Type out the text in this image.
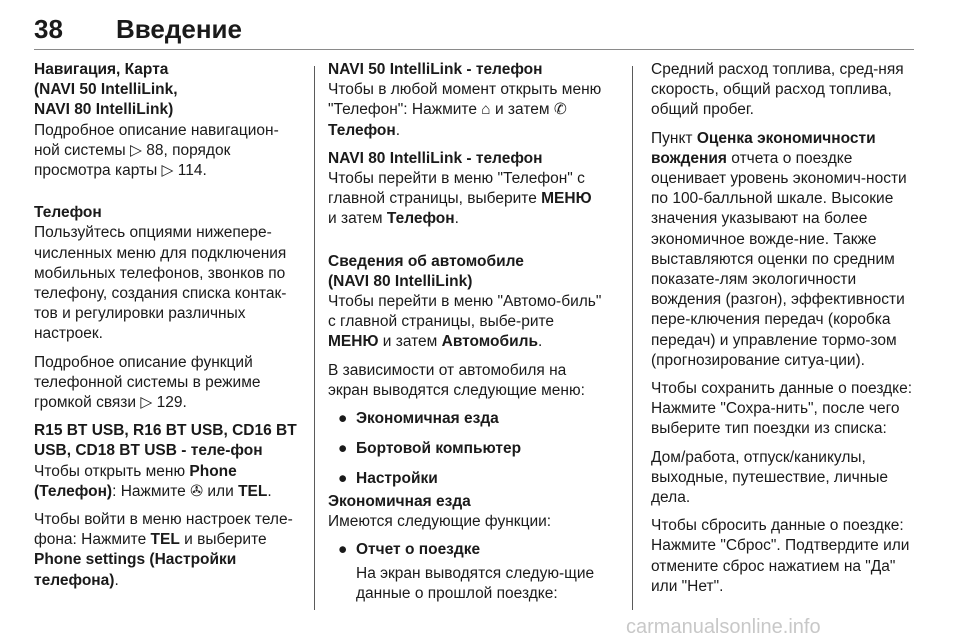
38 Введение
Навигация, Карта
(NAVI 50 IntelliLink,
NAVI 80 IntelliLink)

Подробное описание навигацион-ной системы ▷ 88, порядок просмотра карты ▷ 114.

Телефон

Пользуйтесь опциями нижепере-численных меню для подключения мобильных телефонов, звонков по телефону, создания списка контак-тов и регулировки различных настроек.

Подробное описание функций телефонной системы в режиме громкой связи ▷ 129.

R15 BT USB, R16 BT USB, CD16 BT USB, CD18 BT USB - теле-фон

Чтобы открыть меню Phone (Телефон): Нажмите ✇ или TEL.

Чтобы войти в меню настроек теле-фона: Нажмите TEL и выберите Phone settings (Настройки телефона).

NAVI 50 IntelliLink - телефон

Чтобы в любой момент открыть меню "Телефон": Нажмите ⌂ и затем ✆Телефон.

NAVI 80 IntelliLink - телефон

Чтобы перейти в меню "Телефон" с главной страницы, выберите МЕНЮ и затем Телефон.

Сведения об автомобиле
(NAVI 80 IntelliLink)

Чтобы перейти в меню "Автомо-биль" с главной страницы, выбе-рите МЕНЮ и затем Автомобиль.

В зависимости от автомобиля на экран выводятся следующие меню:

● Экономичная езда
● Бортовой компьютер
● Настройки
Экономичная езда

Имеются следующие функции:

● Отчет о поездке
На экран выводятся следую-щие данные о прошлой поездке:

Средний расход топлива, сред-няя скорость, общий расход топлива, общий пробег.

Пункт Оценка экономичности вождения отчета о поездке оценивает уровень экономич-ности по 100-балльной шкале. Высокие значения указывают на более экономичное вожде-ние. Также выставляются оценки по средним показате-лям экологичности вождения (разгон), эффективности пере-ключения передач (коробка передач) и управление тормо-зом (прогнозирование ситуа-ции).

Чтобы сохранить данные о поездке: Нажмите "Сохра-нить", после чего выберите тип поездки из списка:

Дом/работа, отпуск/каникулы, выходные, путешествие, личные дела.

Чтобы сбросить данные о поездке: Нажмите "Сброс". Подтвердите или отмените сброс нажатием на "Да" или "Нет".

carmanualsonline.info
